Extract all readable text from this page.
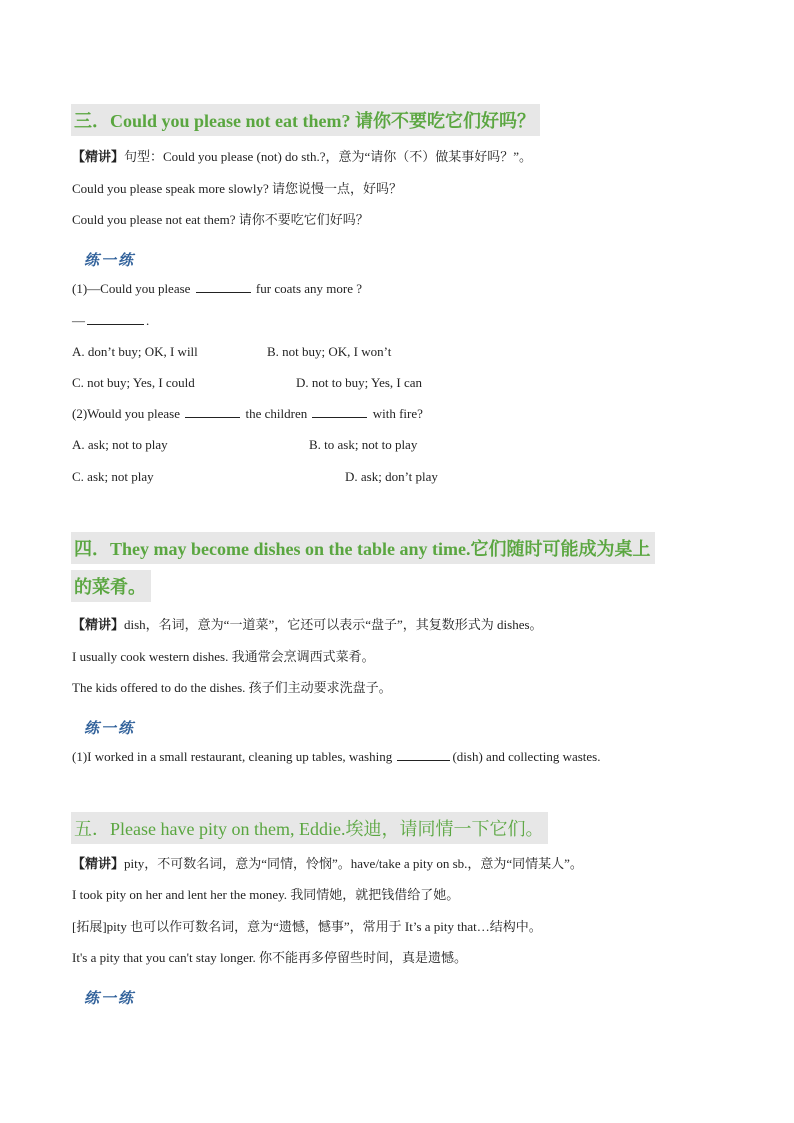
三．Could you please not eat them? 请你不要吃它们好吗？
【精讲】句型：Could you please (not) do sth.?，意为“请你（不）做某事好吗？”。
Could you please speak more slowly? 请您说慢一点，好吗？
Could you please not eat them? 请你不要吃它们好吗？
练一练
(1)—Could you please	fur coats any more ?
—	.
A. don’t buy; OK, I will	B. not buy; OK, I won’t
C. not buy; Yes, I could	D. not to buy; Yes, I can
(2)Would you please	the children	with fire?
A. ask; not to play	B. to ask; not to play
C. ask; not play	D. ask; don’t play
四．They may become dishes on the table any time.它们随时可能成为桌上
的菜肴。
【精讲】dish，名词，意为“一道菜”，它还可以表示“盘子”，其复数形式为 dishes。
I usually cook western dishes. 我通常会烹调西式菜肴。
The kids offered to do the dishes. 孩子们主动要求洗盘子。
练一练
(1)I worked in a small restaurant, cleaning up tables, washing	(dish) and collecting wastes.
五．Please have pity on them, Eddie.埃迪，请同情一下它们。
【精讲】pity，不可数名词，意为“同情，怜悯”。have/take a pity on sb.，意为“同情某人”。
I took pity on her and lent her the money. 我同情她，就把钱借给了她。
[拓展]pity 也可以作可数名词，意为“遗憾，憾事”，常用于 It’s a pity that…结构中。
It's a pity that you can't stay longer. 你不能再多停留些时间，真是遗憾。
练一练
